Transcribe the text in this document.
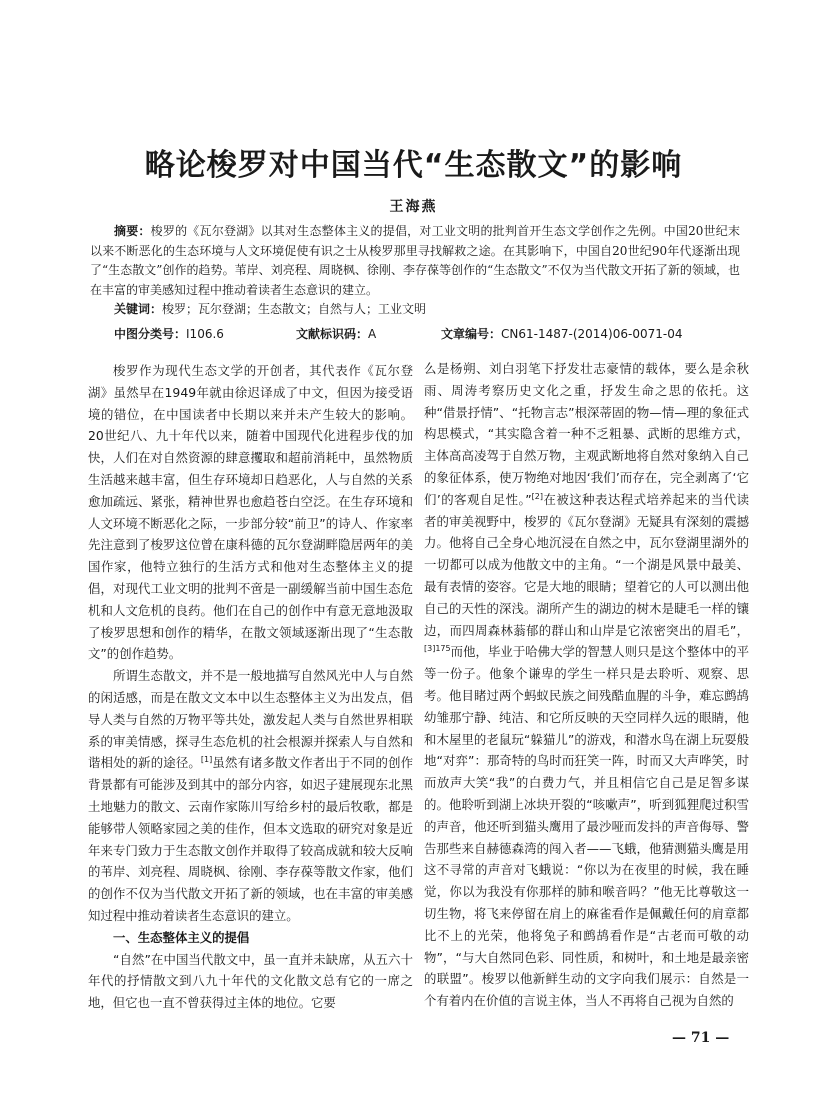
略论梭罗对中国当代“生态散文”的影响
王海燕

摘要：梭罗的《瓦尔登湖》以其对生态整体主义的提倡，对工业文明的批判首开生态文学创作之先例。中国20世纪末以来不断恶化的生态环境与人文环境促使有识之士从梭罗那里寻找解救之途。在其影响下，中国自20世纪90年代逐渐出现了“生态散文”创作的趋势。苇岸、刘亮程、周晓枫、徐刚、李存葆等创作的“生态散文”不仅为当代散文开拓了新的领域，也在丰富的审美感知过程中推动着读者生态意识的建立。

关键词：梭罗；瓦尔登湖；生态散文；自然与人；工业文明

中图分类号：I106.6	文献标识码：A	文章编号：CN61-1487-(2014)06-0071-04

梭罗作为现代生态文学的开创者，其代表作《瓦尔登湖》虽然早在1949年就由徐迟译成了中文，但因为接受语境的错位，在中国读者中长期以来并未产生较大的影响。20世纪八、九十年代以来，随着中国现代化进程步伐的加快，人们在对自然资源的肆意攫取和超前消耗中，虽然物质生活越来越丰富，但生存环境却日趋恶化，人与自然的关系愈加疏远、紧张，精神世界也愈趋苍白空泛。在生存环境和人文环境不断恶化之际，一步部分较“前卫”的诗人、作家率先注意到了梭罗这位曾在康科德的瓦尔登湖畔隐居两年的美国作家，他特立独行的生活方式和他对生态整体主义的提倡，对现代工业文明的批判不啻是一副缓解当前中国生态危机和人文危机的良药。他们在自己的创作中有意无意地汲取了梭罗思想和创作的精华，在散文领域逐渐出现了“生态散文”的创作趋势。

所谓生态散文，并不是一般地描写自然风光中人与自然的闲适感，而是在散文文本中以生态整体主义为出发点，倡导人类与自然的万物平等共处，激发起人类与自然世界相联系的审美情感，探寻生态危机的社会根源并探索人与自然和谐相处的新的途径。[1]虽然有诸多散文作者出于不同的创作背景都有可能涉及到其中的部分内容，如迟子建展现东北黑土地魅力的散文、云南作家陈川写给乡村的最后牧歌，都是能够带人领略家园之美的佳作，但本文选取的研究对象是近年来专门致力于生态散文创作并取得了较高成就和较大反响的苇岸、刘亮程、周晓枫、徐刚、李存葆等散文作家，他们的创作不仅为当代散文开拓了新的领域，也在丰富的审美感知过程中推动着读者生态意识的建立。

一、生态整体主义的提倡

“自然”在中国当代散文中，虽一直并未缺席，从五六十年代的抒情散文到八九十年代的文化散文总有它的一席之地，但它也一直不曾获得过主体的地位。它要

么是杨朔、刘白羽笔下抒发壮志豪情的载体，要么是余秋雨、周涛考察历史文化之重，抒发生命之思的依托。这种“借景抒情”、“托物言志”根深蒂固的物—情—理的象征式构思模式，“其实隐含着一种不乏粗暴、武断的思维方式，主体高高凌驾于自然万物，主观武断地将自然对象纳入自己的象征体系，使万物绝对地因‘我们’而存在，完全剥离了‘它们’的客观自足性。”[2]在被这种表达程式培养起来的当代读者的审美视野中，梭罗的《瓦尔登湖》无疑具有深刻的震撼力。他将自己全身心地沉浸在自然之中，瓦尔登湖里湖外的一切都可以成为他散文中的主角。“一个湖是风景中最美、最有表情的姿容。它是大地的眼睛；望着它的人可以测出他自己的天性的深浅。湖所产生的湖边的树木是睫毛一样的镶边，而四周森林蓊郁的群山和山岸是它浓密突出的眉毛”，$^{[3]175}$而他，毕业于哈佛大学的智慧人则只是这个整体中的平等一份子。他象个谦卑的学生一样只是去聆听、观察、思考。他目睹过两个蚂蚁民族之间残酷血腥的斗争，难忘鹧鸪幼雏那宁静、纯洁、和它所反映的天空同样久远的眼睛，他和木屋里的老鼠玩“躲猫儿”的游戏，和潜水鸟在湖上玩耍般地“对弈”：那奇特的鸟时而狂笑一阵，时而又大声哗笑，时而放声大笑“我”的白费力气，并且相信它自己是足智多谋的。他聆听到湖上冰块开裂的“咳嗽声”，听到狐狸爬过积雪的声音，他还听到猫头鹰用了最沙哑而发抖的声音侮辱、警告那些来自赫德森湾的闯入者——飞蛾，他猜测猫头鹰是用这不寻常的声音对飞蛾说：“你以为在夜里的时候，我在睡觉，你以为我没有你那样的肺和喉音吗？”他无比尊敬这一切生物，将飞来停留在肩上的麻雀看作是佩戴任何的肩章都比不上的光荣，他将兔子和鹧鸪看作是“古老而可敬的动物”，“与大自然同色彩、同性质，和树叶，和土地是最亲密的联盟”。梭罗以他新鲜生动的文字向我们展示：自然是一个有着内在价值的言说主体，当人不再将自己视为自然的

— 71 —
